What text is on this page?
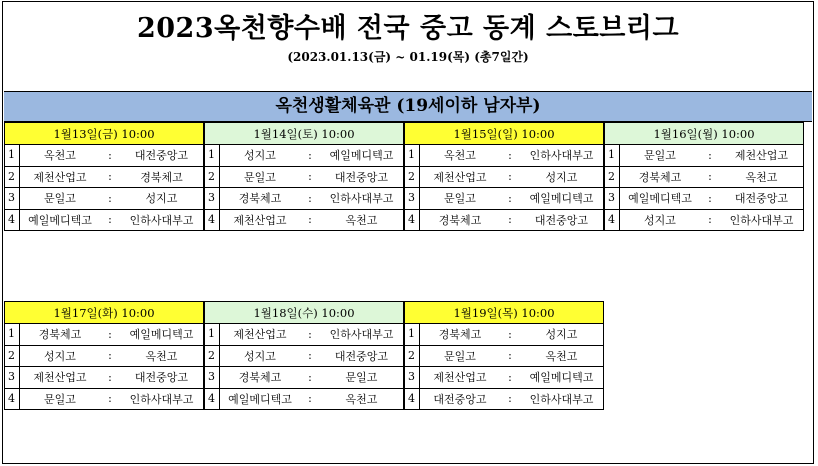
2023옥천향수배 전국 중고 동계 스토브리그
(2023.01.13(금) ~ 01.19(목) (총7일간)
옥천생활체육관 (19세이하 남자부)
1월13일(금) 10:00
1	옥천고	:	대전중앙고
2	제천산업고	:	경북체고
3	문일고	:	성지고
4	예일메디텍고	:	인하사대부고
1월14일(토) 10:00
1	성지고	:	예일메디텍고
2	문일고	:	대전중앙고
3	경북체고	:	인하사대부고
4	제천산업고	:	옥천고
1월15일(일) 10:00
1	옥천고	:	인하사대부고
2	제천산업고	:	성지고
3	문일고	:	예일메디텍고
4	경북체고	:	대전중앙고
1월16일(월) 10:00
1	문일고	:	제천산업고
2	경북체고	:	옥천고
3	예일메디텍고	:	대전중앙고
4	성지고	:	인하사대부고
1월17일(화) 10:00
1	경북체고	:	예일메디텍고
2	성지고	:	옥천고
3	제천산업고	:	대전중앙고
4	문일고	:	인하사대부고
1월18일(수) 10:00
1	제천산업고	:	인하사대부고
2	성지고	:	대전중앙고
3	경북체고	:	문일고
4	예일메디텍고	:	옥천고
1월19일(목) 10:00
1	경북체고	:	성지고
2	문일고	:	옥천고
3	제천산업고	:	예일메디텍고
4	대전중앙고	:	인하사대부고
